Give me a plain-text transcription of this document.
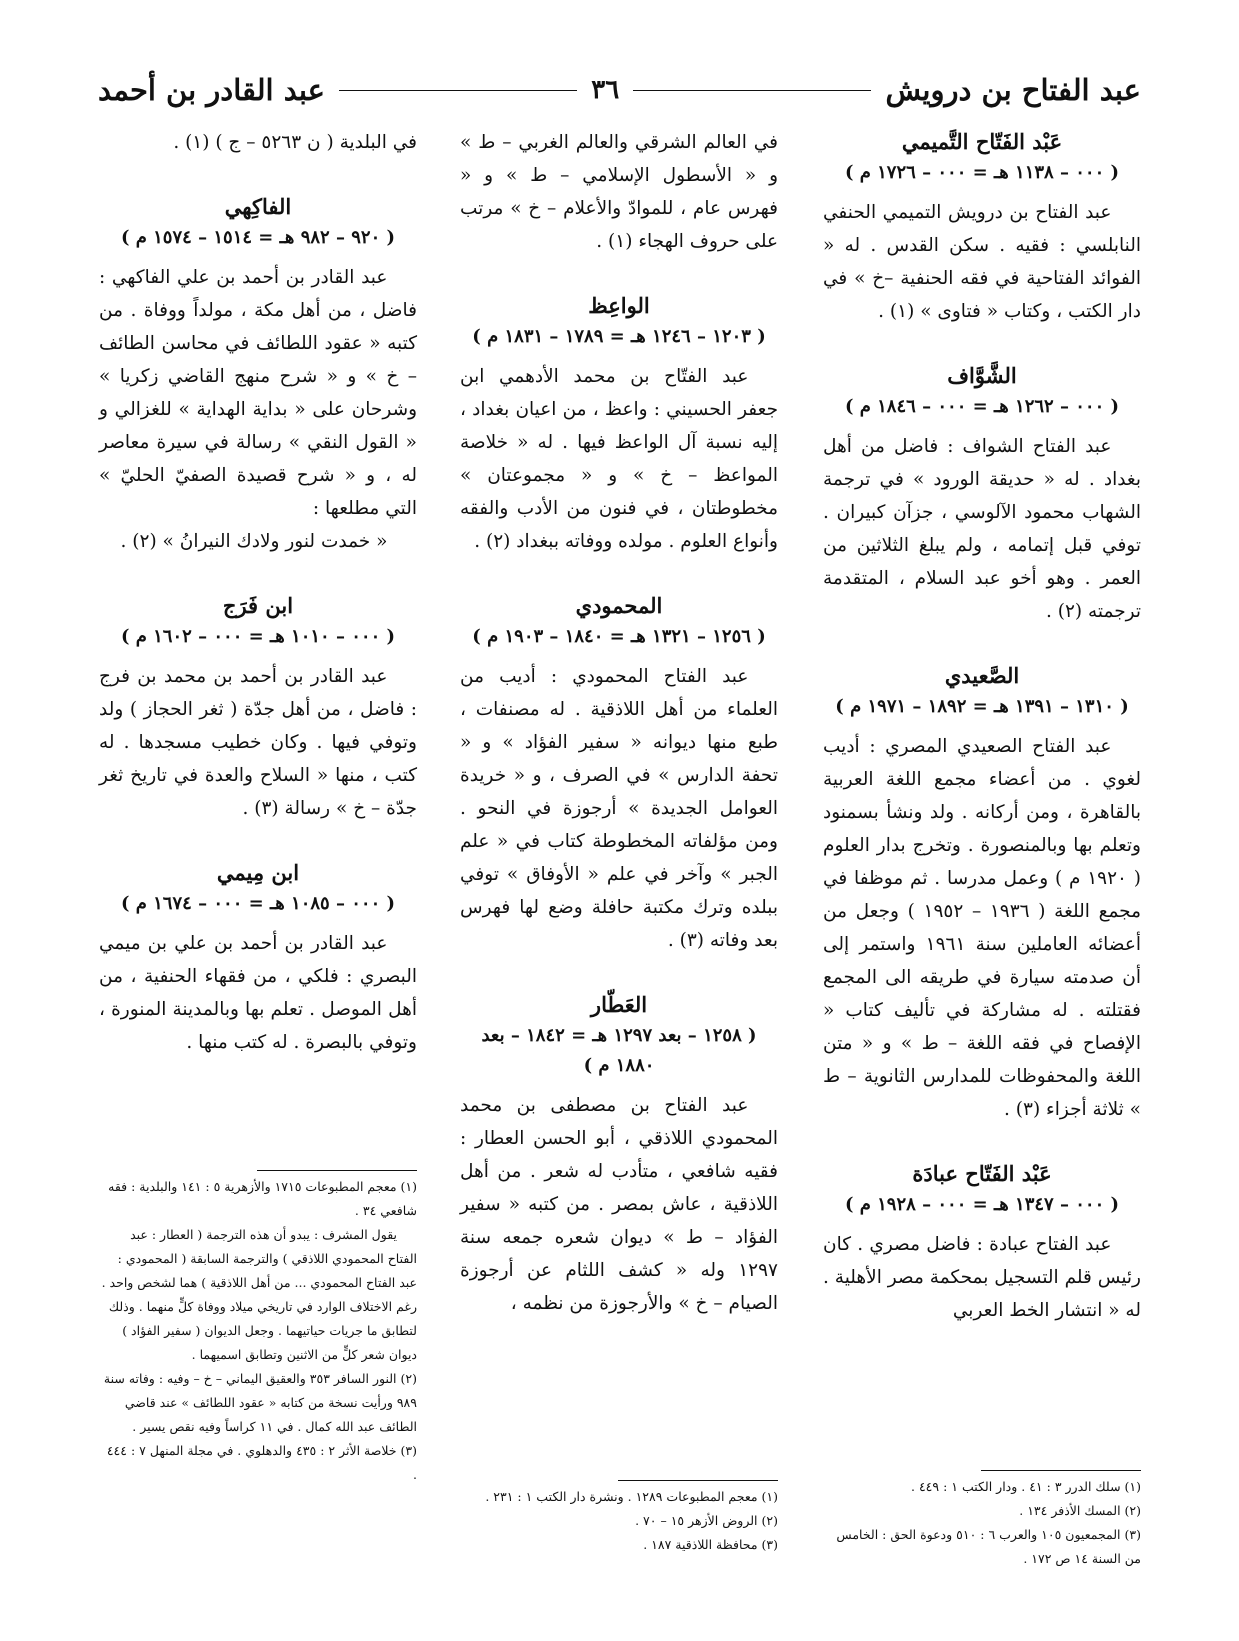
عبد الفتاح بن درويش
٣٦
عبد القادر بن أحمد
عَبْد الفَتّاح التَّميمي
( ٠٠٠ – ١١٣٨ هـ = ٠٠٠ – ١٧٢٦ م )

عبد الفتاح بن درويش التميمي الحنفي النابلسي : فقيه . سكن القدس . له « الفوائد الفتاحية في فقه الحنفية –خ » في دار الكتب ، وكتاب « فتاوى » (١) .

الشَّوَّاف
( ٠٠٠ – ١٢٦٢ هـ = ٠٠٠ – ١٨٤٦ م )

عبد الفتاح الشواف : فاضل من أهل بغداد . له « حديقة الورود » في ترجمة الشهاب محمود الآلوسي ، جزآن كبيران . توفي قبل إتمامه ، ولم يبلغ الثلاثين من العمر . وهو أخو عبد السلام ، المتقدمة ترجمته (٢) .

الصَّعيدي
( ١٣١٠ – ١٣٩١ هـ = ١٨٩٢ – ١٩٧١ م )

عبد الفتاح الصعيدي المصري : أديب لغوي . من أعضاء مجمع اللغة العربية بالقاهرة ، ومن أركانه . ولد ونشأ بسمنود وتعلم بها وبالمنصورة . وتخرج بدار العلوم ( ١٩٢٠ م ) وعمل مدرسا . ثم موظفا في مجمع اللغة ( ١٩٣٦ – ١٩٥٢ ) وجعل من أعضائه العاملين سنة ١٩٦١ واستمر إلى أن صدمته سيارة في طريقه الى المجمع فقتلته . له مشاركة في تأليف كتاب « الإفصاح في فقه اللغة – ط » و « متن اللغة والمحفوظات للمدارس الثانوية – ط » ثلاثة أجزاء (٣) .

عَبْد الفَتّاح عبادَة
( ٠٠٠ – ١٣٤٧ هـ = ٠٠٠ – ١٩٢٨ م )

عبد الفتاح عبادة : فاضل مصري . كان رئيس قلم التسجيل بمحكمة مصر الأهلية . له « انتشار الخط العربي

(١) سلك الدرر ٣ : ٤١ . ودار الكتب ١ : ٤٤٩ .

(٢) المسك الأذفر ١٣٤ .

(٣) المجمعيون ١٠٥ والعرب ٦ : ٥١٠ ودعوة الحق : الخامس من السنة ١٤ ص ١٧٢ .

في العالم الشرقي والعالم الغربي – ط » و « الأسطول الإسلامي – ط » و « فهرس عام ، للموادّ والأعلام – خ » مرتب على حروف الهجاء (١) .

الواعِظ
( ١٢٠٣ – ١٢٤٦ هـ = ١٧٨٩ – ١٨٣١ م )

عبد الفتّاح بن محمد الأدهمي ابن جعفر الحسيني : واعظ ، من اعيان بغداد ، إليه نسبة آل الواعظ فيها . له « خلاصة المواعظ – خ » و « مجموعتان » مخطوطتان ، في فنون من الأدب والفقه وأنواع العلوم . مولده ووفاته ببغداد (٢) .

المحمودي
( ١٢٥٦ – ١٣٢١ هـ = ١٨٤٠ – ١٩٠٣ م )

عبد الفتاح المحمودي : أديب من العلماء من أهل اللاذقية . له مصنفات ، طبع منها ديوانه « سفير الفؤاد » و « تحفة الدارس » في الصرف ، و « خريدة العوامل الجديدة » أرجوزة في النحو . ومن مؤلفاته المخطوطة كتاب في « علم الجبر » وآخر في علم « الأوفاق » توفي ببلده وترك مكتبة حافلة وضع لها فهرس بعد وفاته (٣) .

العَطّار
( ١٢٥٨ – بعد ١٢٩٧ هـ = ١٨٤٢ – بعد ١٨٨٠ م )

عبد الفتاح بن مصطفى بن محمد المحمودي اللاذقي ، أبو الحسن العطار : فقيه شافعي ، متأدب له شعر . من أهل اللاذقية ، عاش بمصر . من كتبه « سفير الفؤاد – ط » ديوان شعره جمعه سنة ١٢٩٧ وله « كشف اللثام عن أرجوزة الصيام – خ » والأرجوزة من نظمه ،

(١) معجم المطبوعات ١٢٨٩ . ونشرة دار الكتب ١ : ٢٣١ .

(٢) الروض الأزهر ١٥ – ٧٠ .

(٣) محافظة اللاذقية ١٨٧ .

في البلدية ( ن ٥٢٦٣ – ج ) (١) .

الفاكِهي
( ٩٢٠ – ٩٨٢ هـ = ١٥١٤ – ١٥٧٤ م )

عبد القادر بن أحمد بن علي الفاكهي : فاضل ، من أهل مكة ، مولداً ووفاة . من كتبه « عقود اللطائف في محاسن الطائف – خ » و « شرح منهج القاضي زكريا » وشرحان على « بداية الهداية » للغزالي و « القول النقي » رسالة في سيرة معاصر له ، و « شرح قصيدة الصفيّ الحليّ » التي مطلعها :

« خمدت لنور ولادك النيرانُ » (٢) .

ابن فَرَج
( ٠٠٠ – ١٠١٠ هـ = ٠٠٠ – ١٦٠٢ م )

عبد القادر بن أحمد بن محمد بن فرج : فاضل ، من أهل جدّة ( ثغر الحجاز ) ولد وتوفي فيها . وكان خطيب مسجدها . له كتب ، منها « السلاح والعدة في تاريخ ثغر جدّة – خ » رسالة (٣) .

ابن مِيمي
( ٠٠٠ – ١٠٨٥ هـ = ٠٠٠ – ١٦٧٤ م )

عبد القادر بن أحمد بن علي بن ميمي البصري : فلكي ، من فقهاء الحنفية ، من أهل الموصل . تعلم بها وبالمدينة المنورة ، وتوفي بالبصرة . له كتب منها .

(١) معجم المطبوعات ١٧١٥ والأزهرية ٥ : ١٤١ والبلدية : فقه شافعي ٣٤ .

يقول المشرف : يبدو أن هذه الترجمة ( العطار : عبد الفتاح المحمودي اللاذقي ) والترجمة السابقة ( المحمودي : عبد الفتاح المحمودي ... من أهل اللاذقية ) هما لشخص واحد . رغم الاختلاف الوارد في تاريخي ميلاد ووفاة كلٍّ منهما . وذلك لتطابق ما جريات حياتيهما . وجعل الديوان ( سفير الفؤاد ) ديوان شعر كلٍّ من الاثنين وتطابق اسميهما .

(٢) النور السافر ٣٥٣ والعقيق اليماني – خ – وفيه : وفاته سنة ٩٨٩ ورأيت نسخة من كتابه « عقود اللطائف » عند قاضي الطائف عبد الله كمال . في ١١ كراساً وفيه نقص يسير .

(٣) خلاصة الأثر ٢ : ٤٣٥ والدهلوي . في مجلة المنهل ٧ : ٤٤٤ .
